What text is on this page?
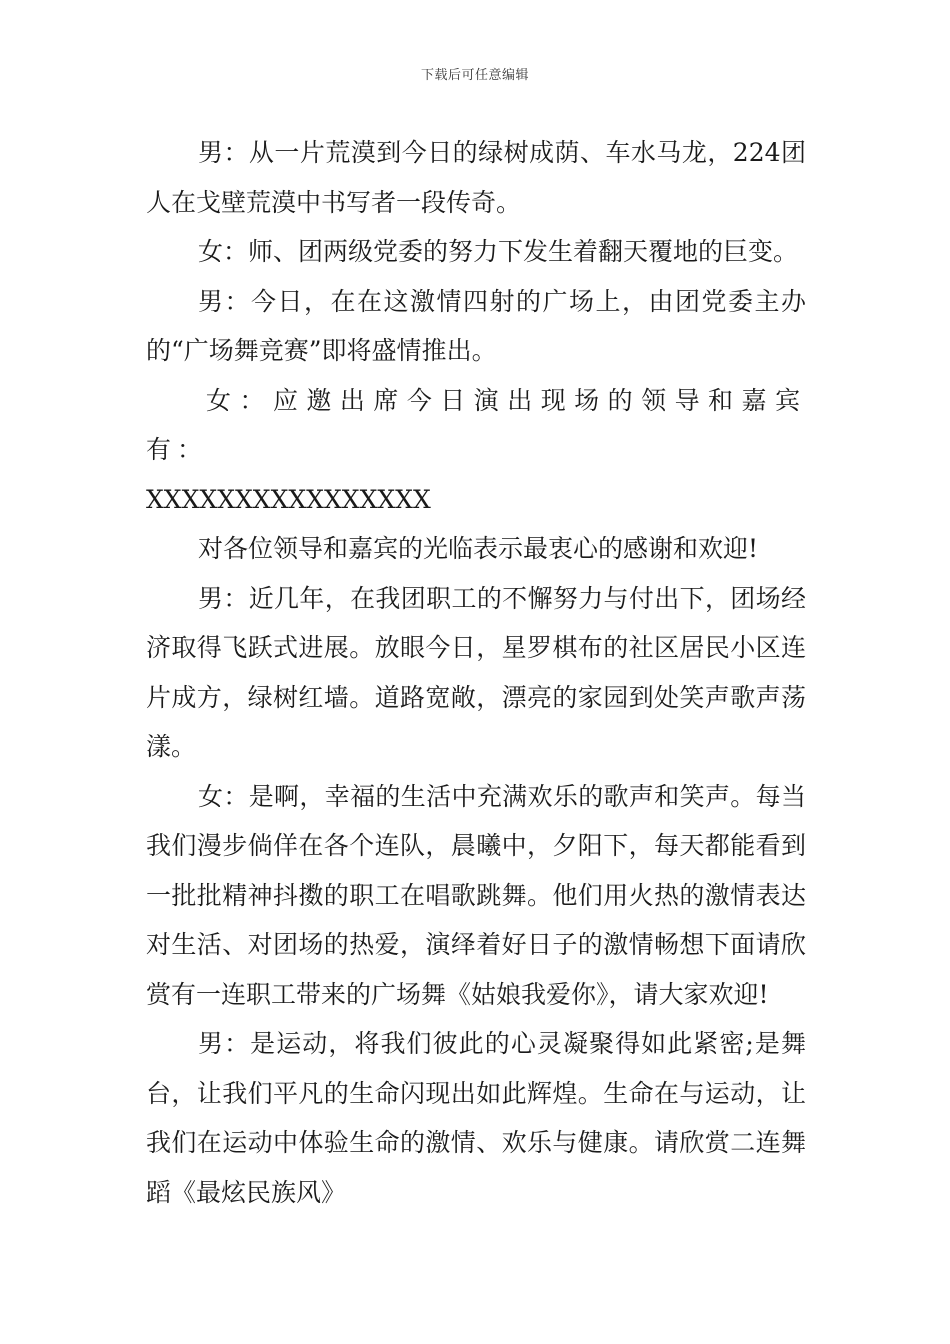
下载后可任意编辑

男：从一片荒漠到今日的绿树成荫、车水马龙，224团人在戈壁荒漠中书写者一段传奇。

女：师、团两级党委的努力下发生着翻天覆地的巨变。

男：今日，在在这激情四射的广场上，由团党委主办的“广场舞竞赛”即将盛情推出。

女：应邀出席今日演出现场的领导和嘉宾有：

XXXXXXXXXXXXXXXX

对各位领导和嘉宾的光临表示最衷心的感谢和欢迎!

男：近几年，在我团职工的不懈努力与付出下，团场经济取得飞跃式进展。放眼今日，星罗棋布的社区居民小区连片成方，绿树红墙。道路宽敞，漂亮的家园到处笑声歌声荡漾。

女：是啊，幸福的生活中充满欢乐的歌声和笑声。每当我们漫步倘佯在各个连队，晨曦中，夕阳下，每天都能看到一批批精神抖擞的职工在唱歌跳舞。他们用火热的激情表达对生活、对团场的热爱，演绎着好日子的激情畅想下面请欣赏有一连职工带来的广场舞《姑娘我爱你》，请大家欢迎!

男：是运动，将我们彼此的心灵凝聚得如此紧密;是舞台，让我们平凡的生命闪现出如此辉煌。生命在与运动，让我们在运动中体验生命的激情、欢乐与健康。请欣赏二连舞蹈《最炫民族风》
